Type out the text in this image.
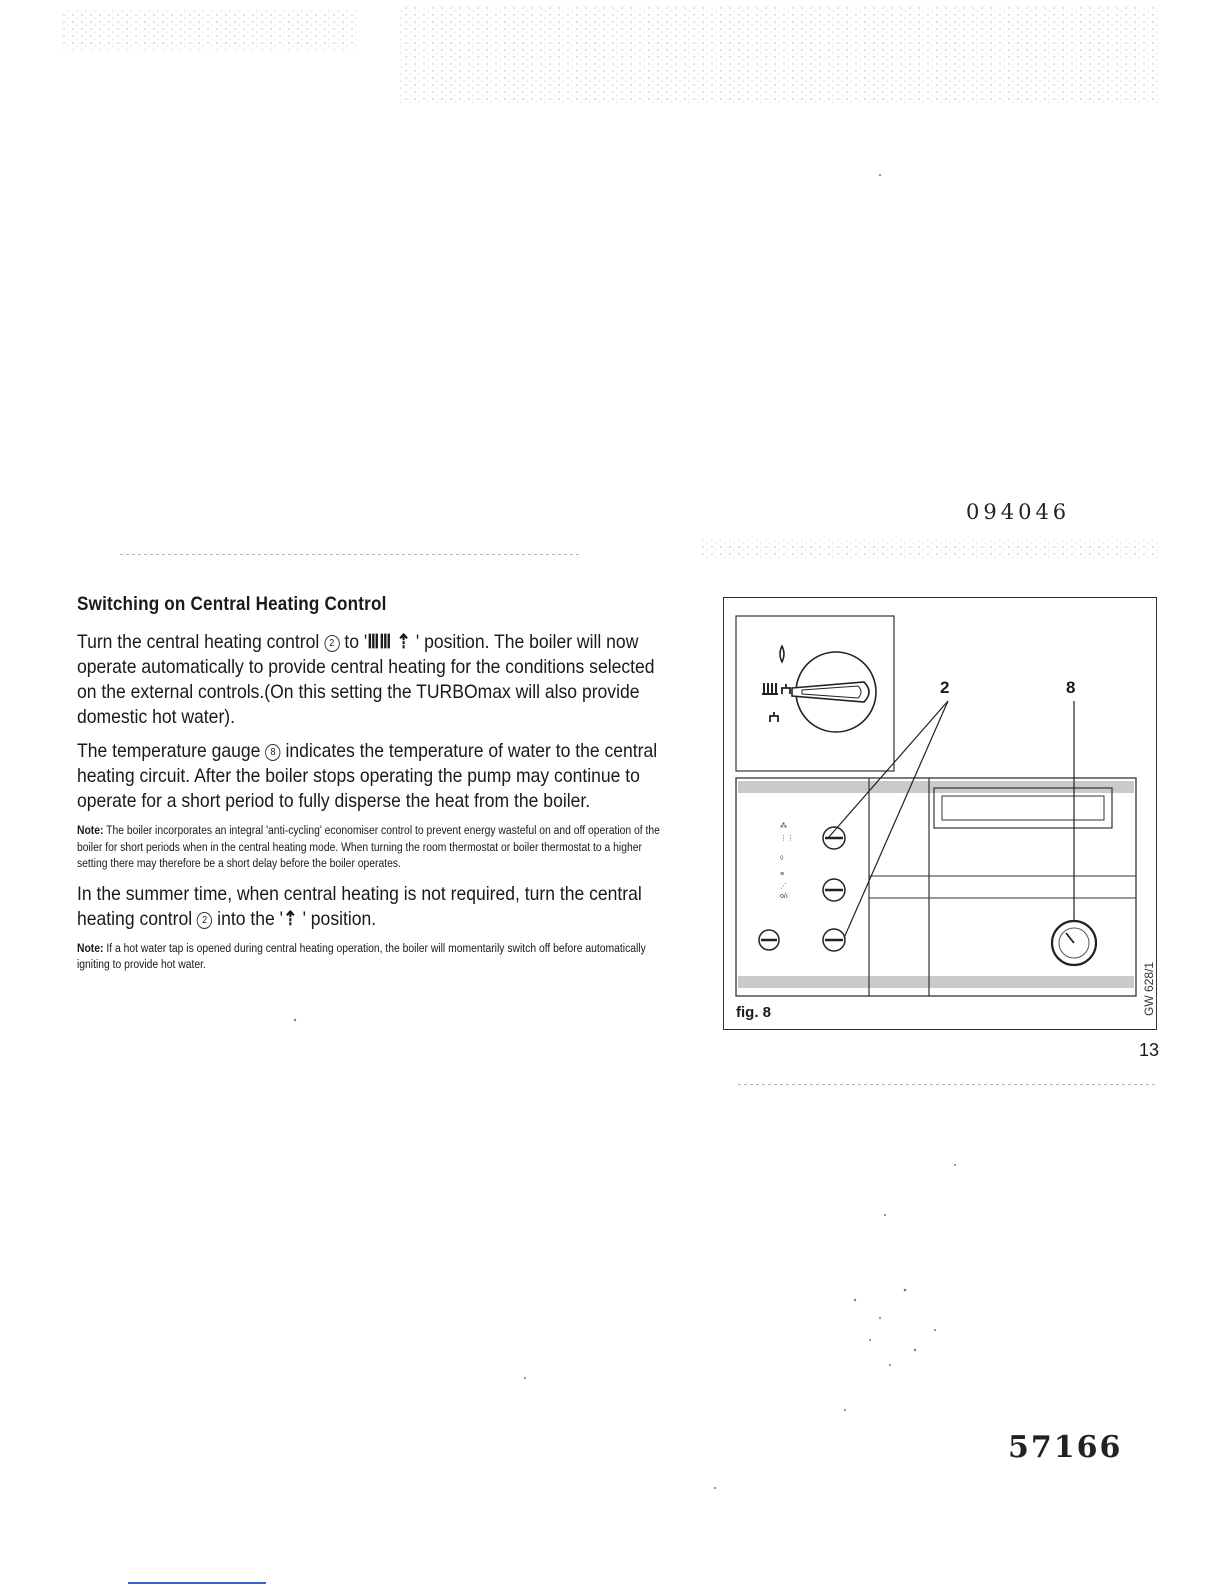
094046
Switching on Central Heating Control

Turn the central heating control 2 to 'ⅢⅢ ⇡ ' position. The boiler will now operate automatically to provide central heating for the conditions selected on the external controls.(On this setting the TURBOmax will also provide domestic hot water).

The temperature gauge 8 indicates the temperature of water to the central heating circuit. After the boiler stops operating the pump may continue to operate for a short period to fully disperse the heat from the boiler.

Note: The boiler incorporates an integral 'anti-cycling' economiser control to prevent energy wasteful on and off operation of the boiler for short periods when in the central heating mode. When turning the room thermostat or boiler thermostat to a higher setting there may therefore be a short delay before the boiler operates.

In the summer time, when central heating is not required, turn the central heating control 2 into the '⇡ ' position.

Note: If a hot water tap is opened during central heating operation, the boiler will momentarily switch off before automatically igniting to provide hot water.

⁂
⋮⋮
◊
≡
⋰
o/ı
2	8
fig. 8	GW 628/1
13
57166
